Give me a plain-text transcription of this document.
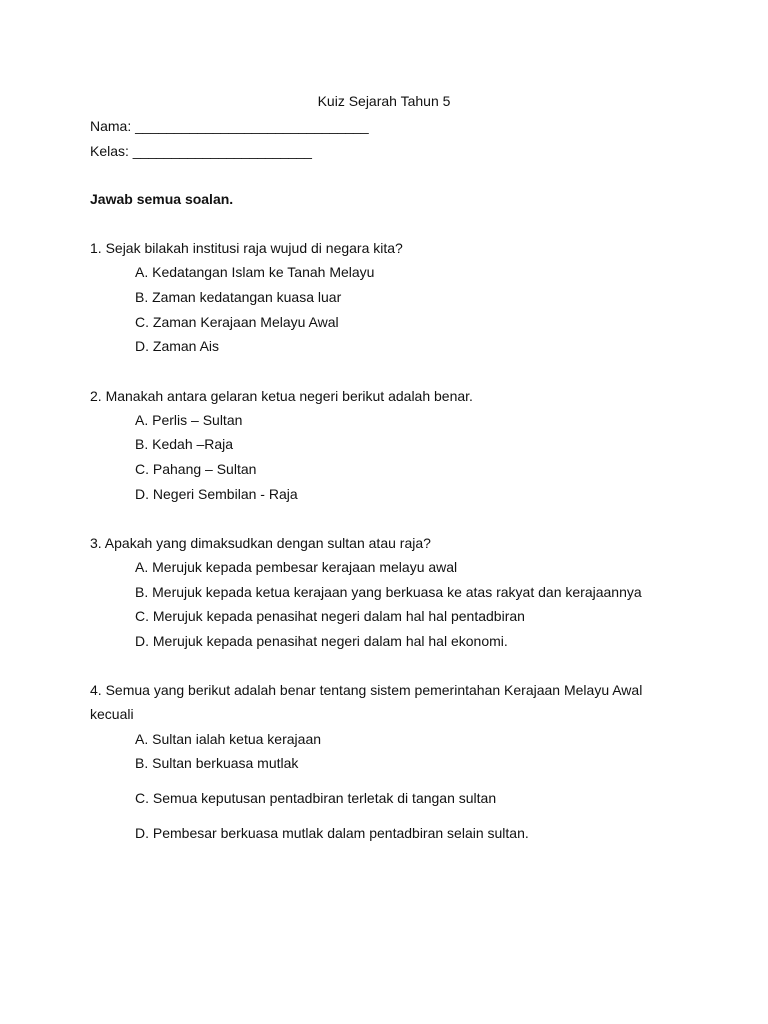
Kuiz Sejarah Tahun 5
Nama: ______________________________
Kelas: _______________________
Jawab semua soalan.
1. Sejak bilakah institusi raja wujud di negara kita?
A. Kedatangan Islam ke Tanah Melayu
B. Zaman kedatangan kuasa luar
C. Zaman Kerajaan Melayu Awal
D. Zaman Ais
2. Manakah antara gelaran ketua negeri berikut adalah benar.
A. Perlis – Sultan
B. Kedah –Raja
C. Pahang – Sultan
D. Negeri Sembilan - Raja
3. Apakah yang dimaksudkan dengan sultan atau raja?
A. Merujuk kepada pembesar kerajaan melayu awal
B. Merujuk kepada ketua kerajaan yang berkuasa ke atas rakyat dan kerajaannya
C. Merujuk kepada penasihat negeri dalam hal hal pentadbiran
D. Merujuk kepada penasihat negeri dalam hal hal ekonomi.
4. Semua yang berikut adalah benar tentang sistem pemerintahan Kerajaan Melayu Awal
kecuali
A. Sultan ialah ketua kerajaan
B. Sultan berkuasa mutlak
C. Semua keputusan pentadbiran terletak di tangan sultan
D. Pembesar berkuasa mutlak dalam pentadbiran selain sultan.
